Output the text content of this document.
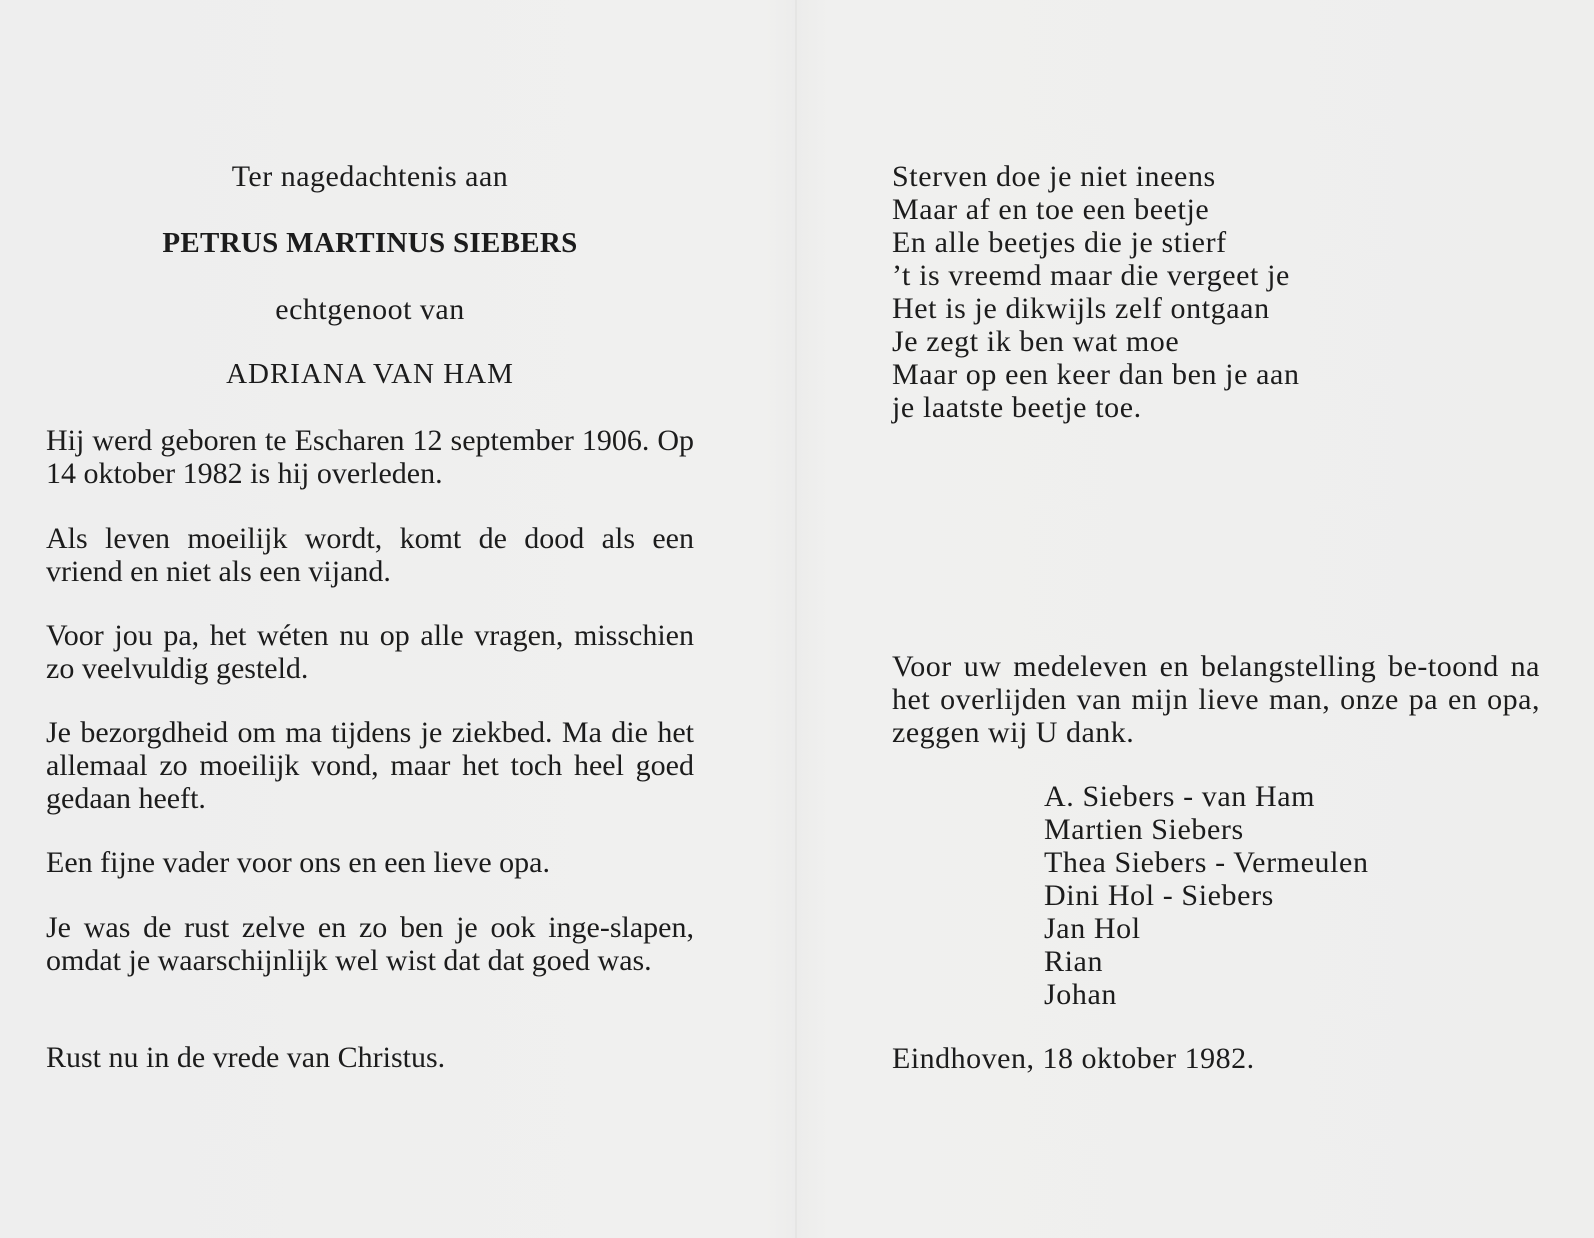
Ter nagedachtenis aan
PETRUS MARTINUS SIEBERS
echtgenoot van
ADRIANA VAN HAM
Hij werd geboren te Escharen 12 september 1906. Op 14 oktober 1982 is hij overleden.
Als leven moeilijk wordt, komt de dood als een vriend en niet als een vijand.
Voor jou pa, het wéten nu op alle vragen, misschien zo veelvuldig gesteld.
Je bezorgdheid om ma tijdens je ziekbed. Ma die het allemaal zo moeilijk vond, maar het toch heel goed gedaan heeft.
Een fijne vader voor ons en een lieve opa.
Je was de rust zelve en zo ben je ook inge-slapen, omdat je waarschijnlijk wel wist dat dat goed was.
Rust nu in de vrede van Christus.
Sterven doe je niet ineens
Maar af en toe een beetje
En alle beetjes die je stierf
’t is vreemd maar die vergeet je
Het is je dikwijls zelf ontgaan
Je zegt ik ben wat moe
Maar op een keer dan ben je aan
je laatste beetje toe.
Voor uw medeleven en belangstelling be-toond na het overlijden van mijn lieve man, onze pa en opa, zeggen wij U dank.
A. Siebers - van Ham
Martien Siebers
Thea Siebers - Vermeulen
Dini Hol - Siebers
Jan Hol
Rian
Johan
Eindhoven, 18 oktober 1982.
